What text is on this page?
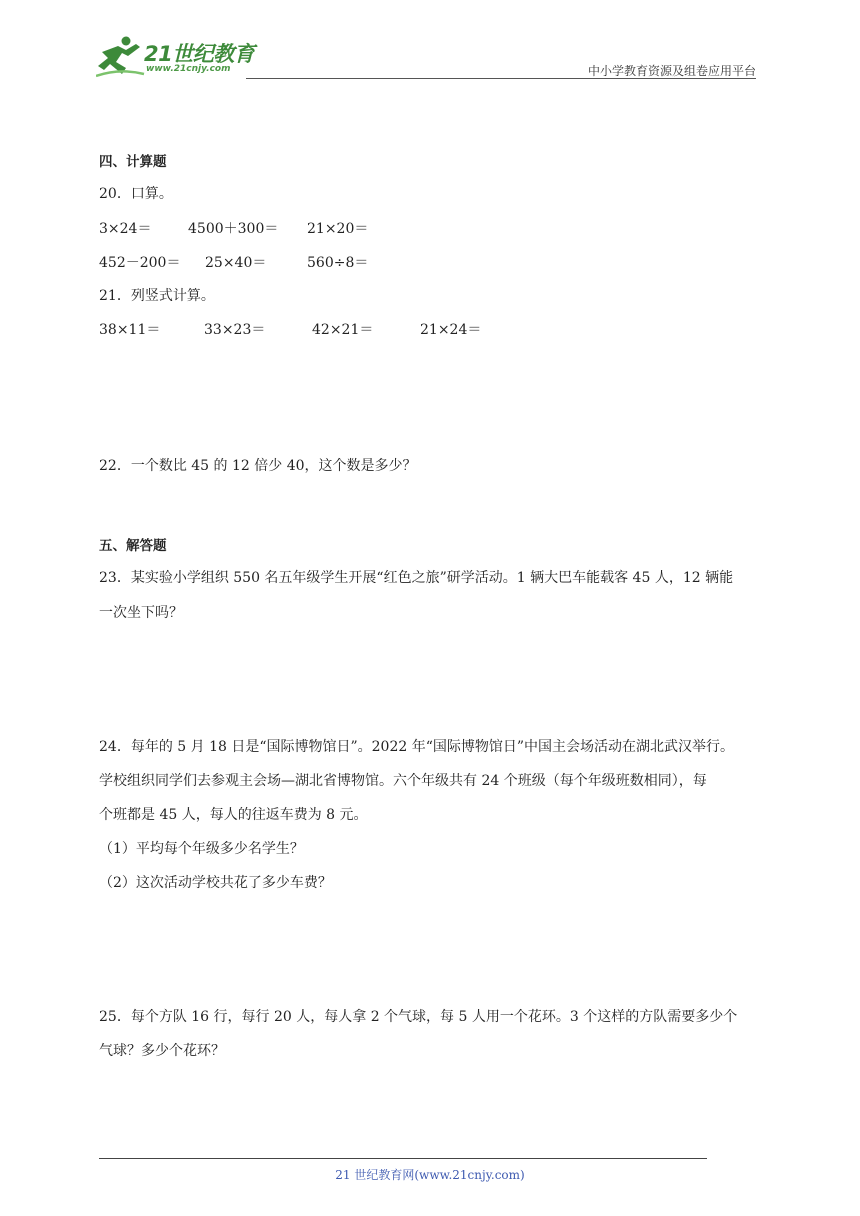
21世纪教育
www.21cnjy.com	中小学教育资源及组卷应用平台
四、计算题
20．口算。
3×24＝	4500＋300＝ 21×20＝
452－200＝ 25×40＝	560÷8＝
21．列竖式计算。
38×11＝	33×23＝	42×21＝	21×24＝
22．一个数比 45 的 12 倍少 40，这个数是多少？
五、解答题
23．某实验小学组织 550 名五年级学生开展“红色之旅”研学活动。1 辆大巴车能载客 45 人，12 辆能
一次坐下吗？
24．每年的 5 月 18 日是“国际博物馆日”。2022 年“国际博物馆日”中国主会场活动在湖北武汉举行。
学校组织同学们去参观主会场—湖北省博物馆。六个年级共有 24 个班级（每个年级班数相同），每
个班都是 45 人，每人的往返车费为 8 元。
（1）平均每个年级多少名学生？
（2）这次活动学校共花了多少车费？
25．每个方队 16 行，每行 20 人，每人拿 2 个气球，每 5 人用一个花环。3 个这样的方队需要多少个
气球？多少个花环？
21 世纪教育网(www.21cnjy.com)
